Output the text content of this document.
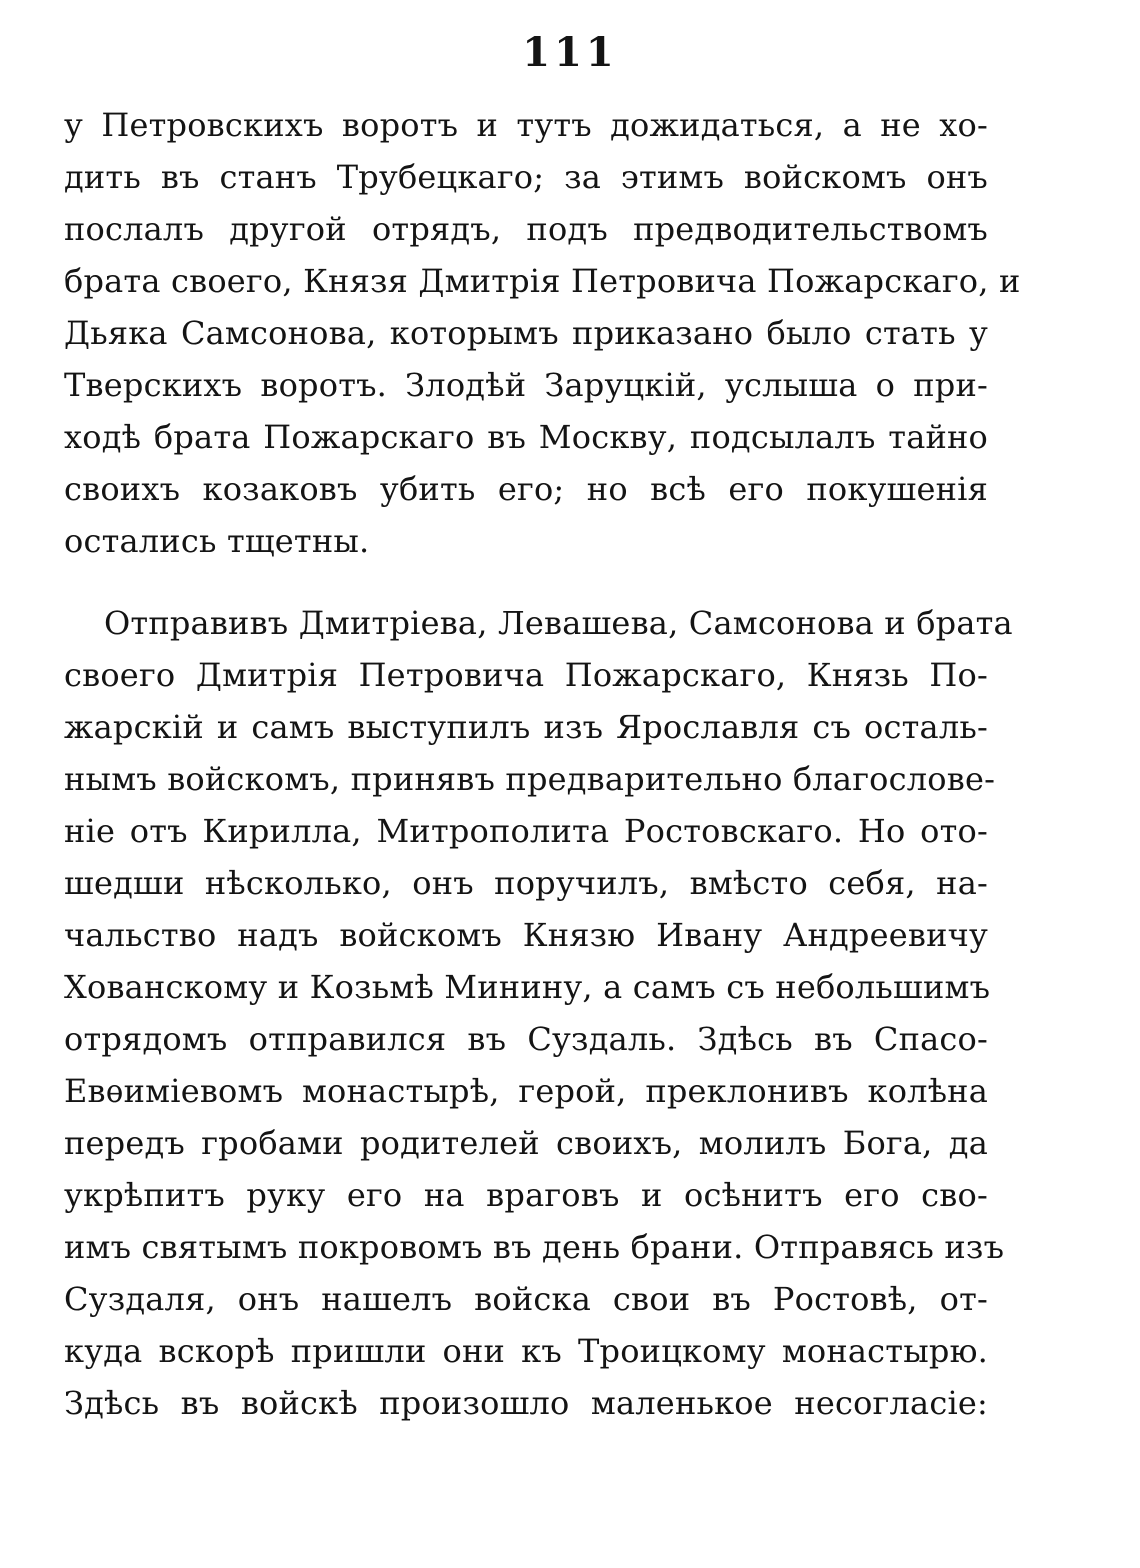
111
у Петровскихъ воротъ и тутъ дожидаться, а не хо-
дить въ станъ Трубецкаго; за этимъ войскомъ онъ
послалъ другой отрядъ, подъ предводительствомъ
брата своего, Князя Дмитрія Петровича Пожарскаго, и
Дьяка Самсонова, которымъ приказано было стать у
Тверскихъ воротъ. Злодѣй Заруцкій, услыша о при-
ходѣ брата Пожарскаго въ Москву, подсылалъ тайно
своихъ козаковъ убить его; но всѣ его покушенія
остались тщетны.
Отправивъ Дмитріева, Левашева, Самсонова и брата
своего Дмитрія Петровича Пожарскаго, Князь По-
жарскій и самъ выступилъ изъ Ярославля съ осталь-
нымъ войскомъ, принявъ предварительно благослове-
ніе отъ Кирилла, Митрополита Ростовскаго. Но ото-
шедши нѣсколько, онъ поручилъ, вмѣсто себя, на-
чальство надъ войскомъ Князю Ивану Андреевичу
Хованскому и Козьмѣ Минину, а самъ съ небольшимъ
отрядомъ отправился въ Суздаль. Здѣсь въ Спасо-
Евѳиміевомъ монастырѣ, герой, преклонивъ колѣна
передъ гробами родителей своихъ, молилъ Бога, да
укрѣпитъ руку его на враговъ и осѣнитъ его сво-
имъ святымъ покровомъ въ день брани. Отправясь изъ
Суздаля, онъ нашелъ войска свои въ Ростовѣ, от-
куда вскорѣ пришли они къ Троицкому монастырю.
Здѣсь въ войскѣ произошло маленькое несогласіе:
